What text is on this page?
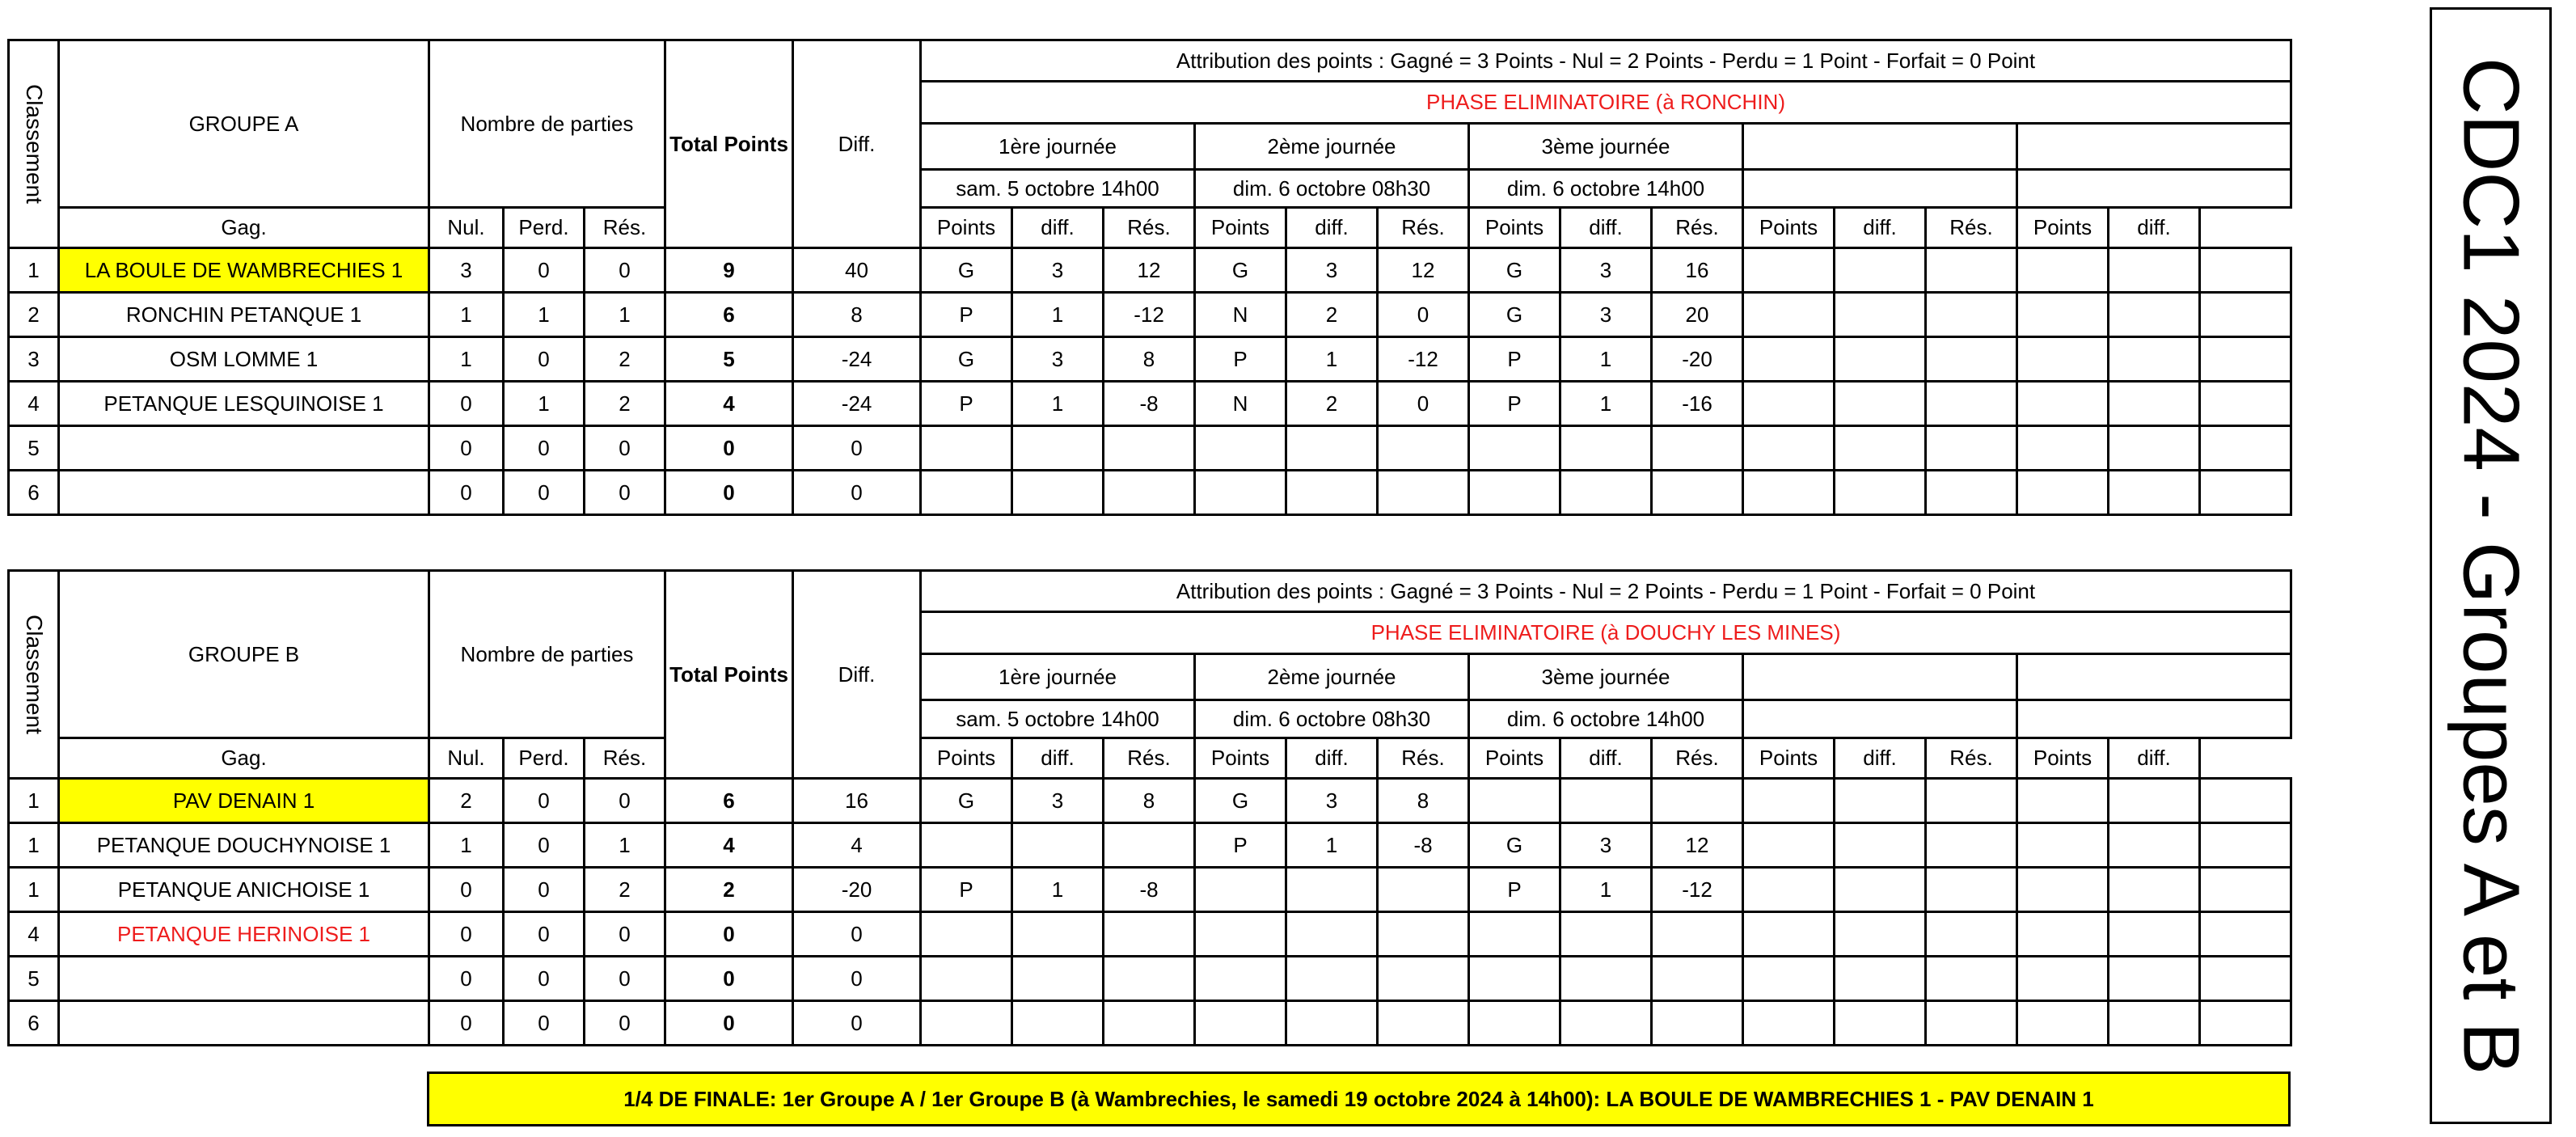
Classement	GROUPE A	Nombre de parties			Total Points	Diff.	Attribution des points : Gagné = 3 Points - Nul = 2 Points - Perdu = 1 Point - Forfait = 0 Point														
							PHASE ELIMINATOIRE (à RONCHIN)														
							1ère journée			2ème journée			3ème journée								
							sam. 5 octobre 14h00			dim. 6 octobre 08h30			dim. 6 octobre 14h00								
	Gag.	Nul.	Perd.	Rés.			Points	diff.	Rés.	Points	diff.	Rés.	Points	diff.	Rés.	Points	diff.	Rés.	Points	diff.	
1	LA BOULE DE WAMBRECHIES 1	3	0	0	9	40	G	3	12	G	3	12	G	3	16						
2	RONCHIN PETANQUE 1	1	1	1	6	8	P	1	-12	N	2	0	G	3	20						
3	OSM LOMME 1	1	0	2	5	-24	G	3	8	P	1	-12	P	1	-20						
4	PETANQUE LESQUINOISE 1	0	1	2	4	-24	P	1	-8	N	2	0	P	1	-16						
5		0	0	0	0	0															
6		0	0	0	0	0															
Classement	GROUPE B	Nombre de parties			Total Points	Diff.	Attribution des points : Gagné = 3 Points - Nul = 2 Points - Perdu = 1 Point - Forfait = 0 Point														
							PHASE ELIMINATOIRE (à DOUCHY LES MINES)														
							1ère journée			2ème journée			3ème journée								
							sam. 5 octobre 14h00			dim. 6 octobre 08h30			dim. 6 octobre 14h00								
	Gag.	Nul.	Perd.	Rés.			Points	diff.	Rés.	Points	diff.	Rés.	Points	diff.	Rés.	Points	diff.	Rés.	Points	diff.	
1	PAV DENAIN 1	2	0	0	6	16	G	3	8	G	3	8									
1	PETANQUE DOUCHYNOISE 1	1	0	1	4	4				P	1	-8	G	3	12						
1	PETANQUE ANICHOISE 1	0	0	2	2	-20	P	1	-8				P	1	-12						
4	PETANQUE HERINOISE 1	0	0	0	0	0															
5		0	0	0	0	0															
6		0	0	0	0	0																CDC1 2024 - Groupes A et B
1/4 DE FINALE: 1er Groupe A / 1er Groupe B (à Wambrechies, le samedi 19 octobre 2024 à 14h00): LA BOULE DE WAMBRECHIES 1 - PAV DENAIN 1
